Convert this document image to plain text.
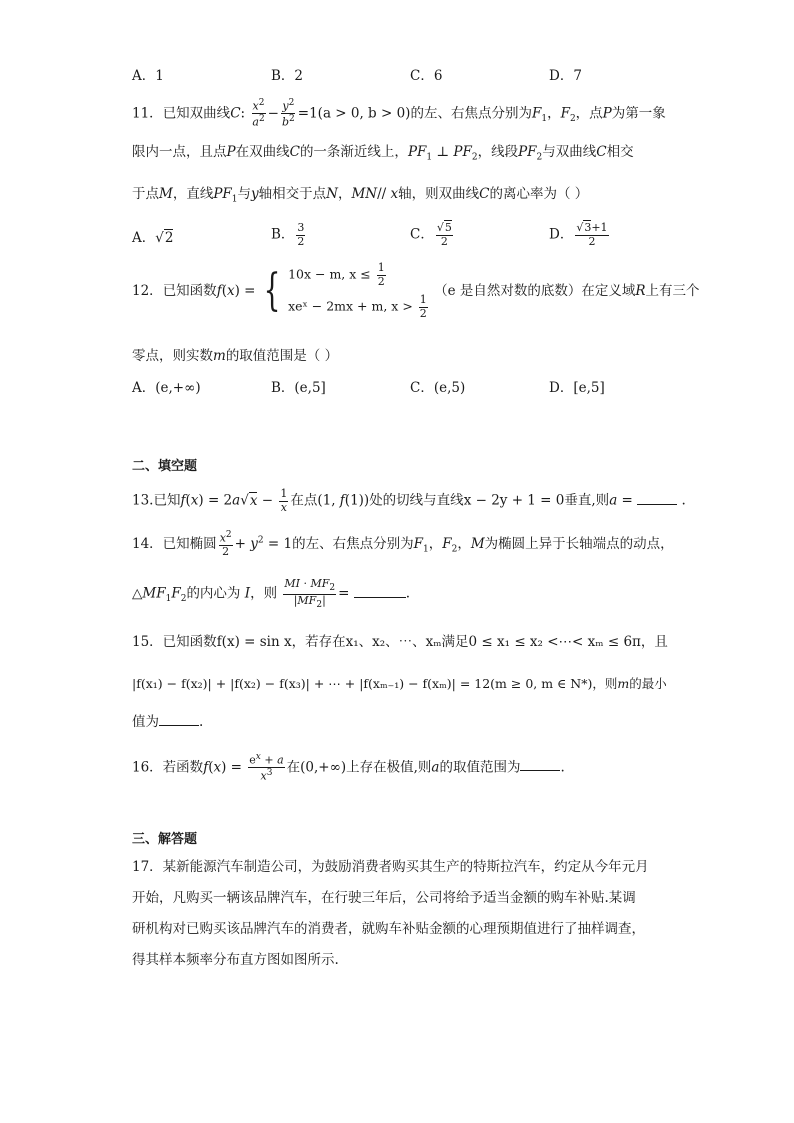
A．1	B．2	C．6	D．7
11．已知双曲线C: $\frac{x^2}{a^2} - \frac{y^2}{b^2} =1(a > 0$, b > 0)的左、右焦点分别为$F_1$，$F_2$，点P为第一象
限内一点，且点P在双曲线C的一条渐近线上，$PF_1$ ⊥ $PF_2$，线段$PF_2$与双曲线C相交
于点M，直线$PF_1$与y轴相交于点N，MN// x轴，则双曲线C的离心率为（ ）
A．√2	B． $\frac{3}{2}$	C． $\frac{√5}{2}$	D． $\frac{√3+1}{2}$
12．已知函数f(x) = { 10x − m, $x \le \frac{1}{2}$
xeˣ − 2mx + m, $x > \frac{1}{2}$
（e 是自然对数的底数）在定义域R上有三个
零点，则实数m的取值范围是（ ）
A．(e,+∞)	B．(e,5]	C．(e,5)	D．[e,5]
二、填空题
13.已知$f(x) = 2a√x - \frac{1}{x}$ 在点(1, f(1))处的切线与直线x − 2y + 1 = 0垂直,则a =	.
14．已知椭圆 $\frac{x^2}{2} + y^2 = 1$的左、右焦点分别为$F_1$，$F_2$，M为椭圆上异于长轴端点的动点，
$\triangle MF_1F_2$的内心为 I，则 $\frac{MI \cdot MF_2}{|MF_2|}$ =	.
15．已知函数f(x) = sin x，若存在x₁、x₂、⋯、xₘ满足0 ≤ x₁ ≤ x₂ <⋯< xₘ ≤ 6π，且
|f(x₁) − f(x₂)| + |f(x₂) − f(x₃)| + ⋯ + |f(xₘ₋₁) − f(xₘ)| = 12(m ≥ 0, m ∈ N*)，则m的最小
值为	.
16．若函数$f(x) = \frac{e^x + a}{x^3}$ 在(0,+∞)上存在极值,则a的取值范围为	.
三、解答题
17．某新能源汽车制造公司，为鼓励消费者购买其生产的特斯拉汽车，约定从今年元月
开始，凡购买一辆该品牌汽车，在行驶三年后，公司将给予适当金额的购车补贴.某调
研机构对已购买该品牌汽车的消费者，就购车补贴金额的心理预期值进行了抽样调查，
得其样本频率分布直方图如图所示.
